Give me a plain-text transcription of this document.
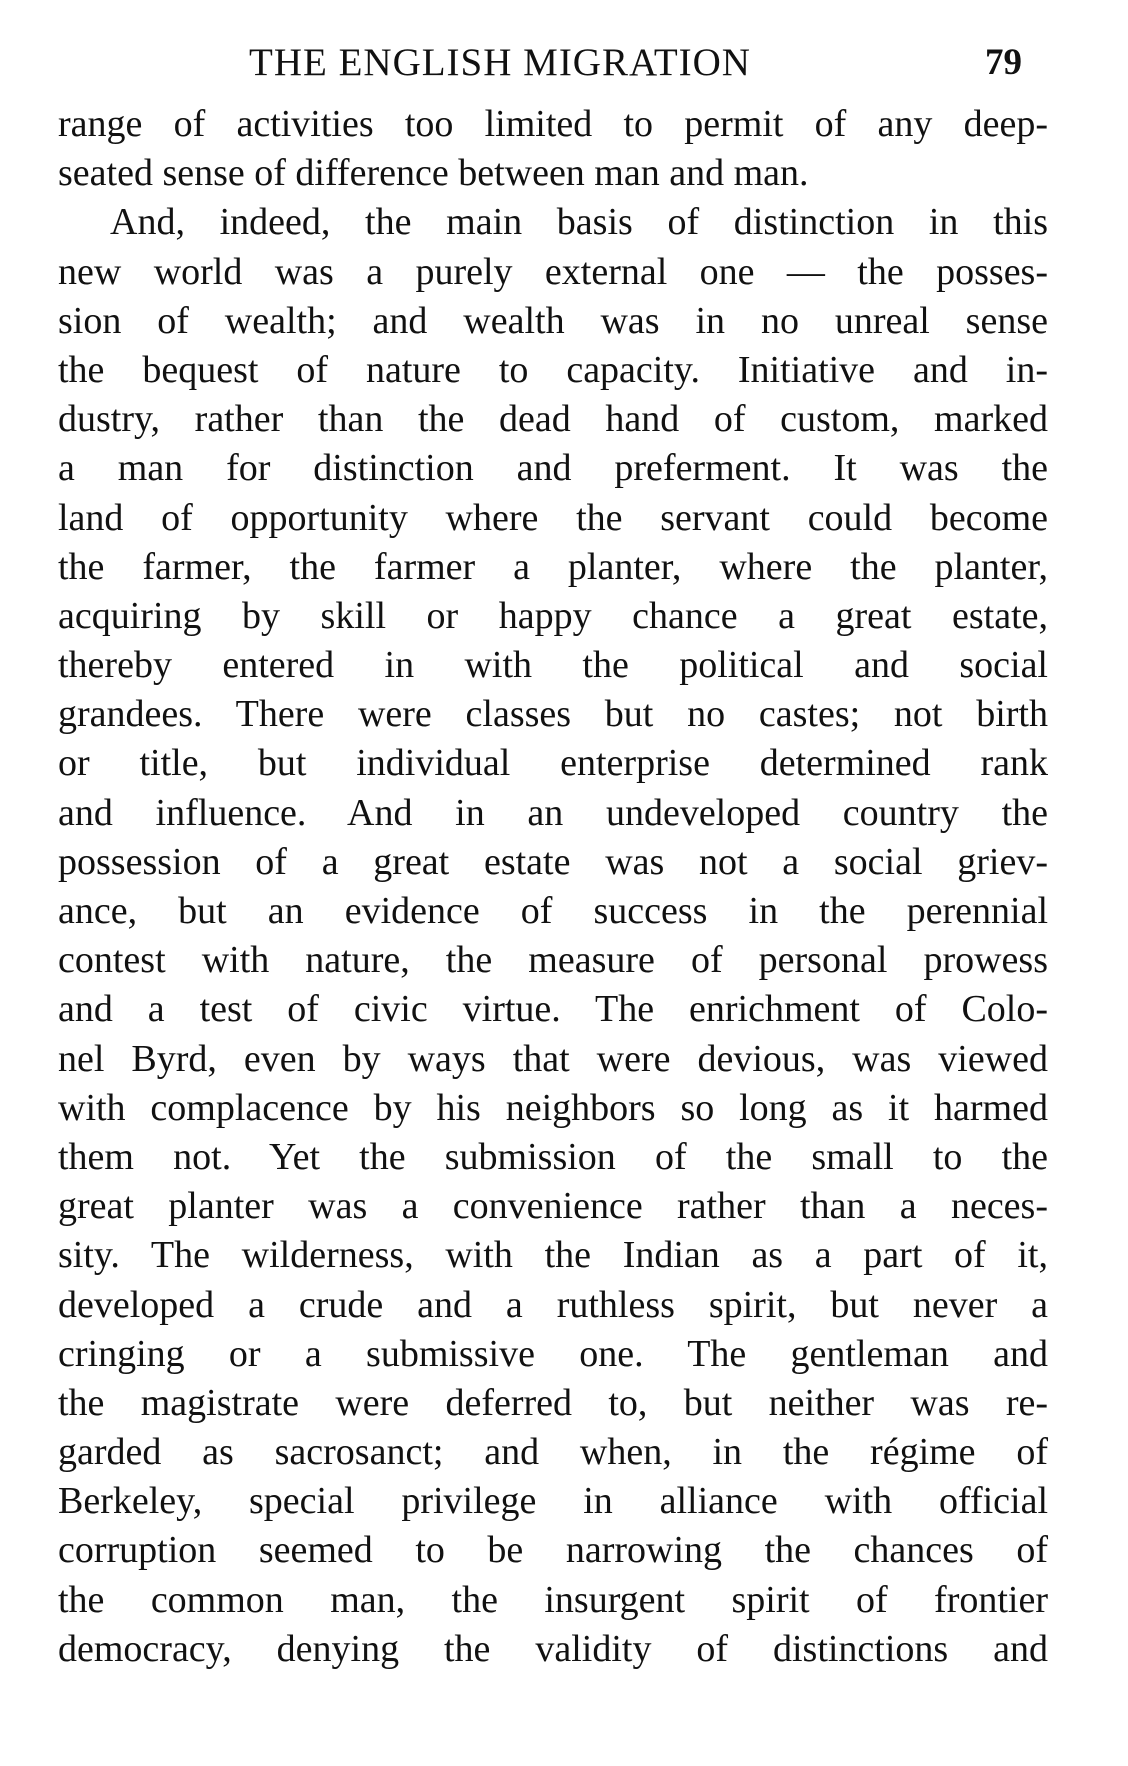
THE ENGLISH MIGRATION	79
range of activities too limited to permit of any deep-
seated sense of difference between man and man.
And, indeed, the main basis of distinction in this
new world was a purely external one — the posses-
sion of wealth; and wealth was in no unreal sense
the bequest of nature to capacity. Initiative and in-
dustry, rather than the dead hand of custom, marked
a man for distinction and preferment. It was the
land of opportunity where the servant could become
the farmer, the farmer a planter, where the planter,
acquiring by skill or happy chance a great estate,
thereby entered in with the political and social
grandees. There were classes but no castes; not birth
or title, but individual enterprise determined rank
and influence. And in an undeveloped country the
possession of a great estate was not a social griev-
ance, but an evidence of success in the perennial
contest with nature, the measure of personal prowess
and a test of civic virtue. The enrichment of Colo-
nel Byrd, even by ways that were devious, was viewed
with complacence by his neighbors so long as it harmed
them not. Yet the submission of the small to the
great planter was a convenience rather than a neces-
sity. The wilderness, with the Indian as a part of it,
developed a crude and a ruthless spirit, but never a
cringing or a submissive one. The gentleman and
the magistrate were deferred to, but neither was re-
garded as sacrosanct; and when, in the régime of
Berkeley, special privilege in alliance with official
corruption seemed to be narrowing the chances of
the common man, the insurgent spirit of frontier
democracy, denying the validity of distinctions and
